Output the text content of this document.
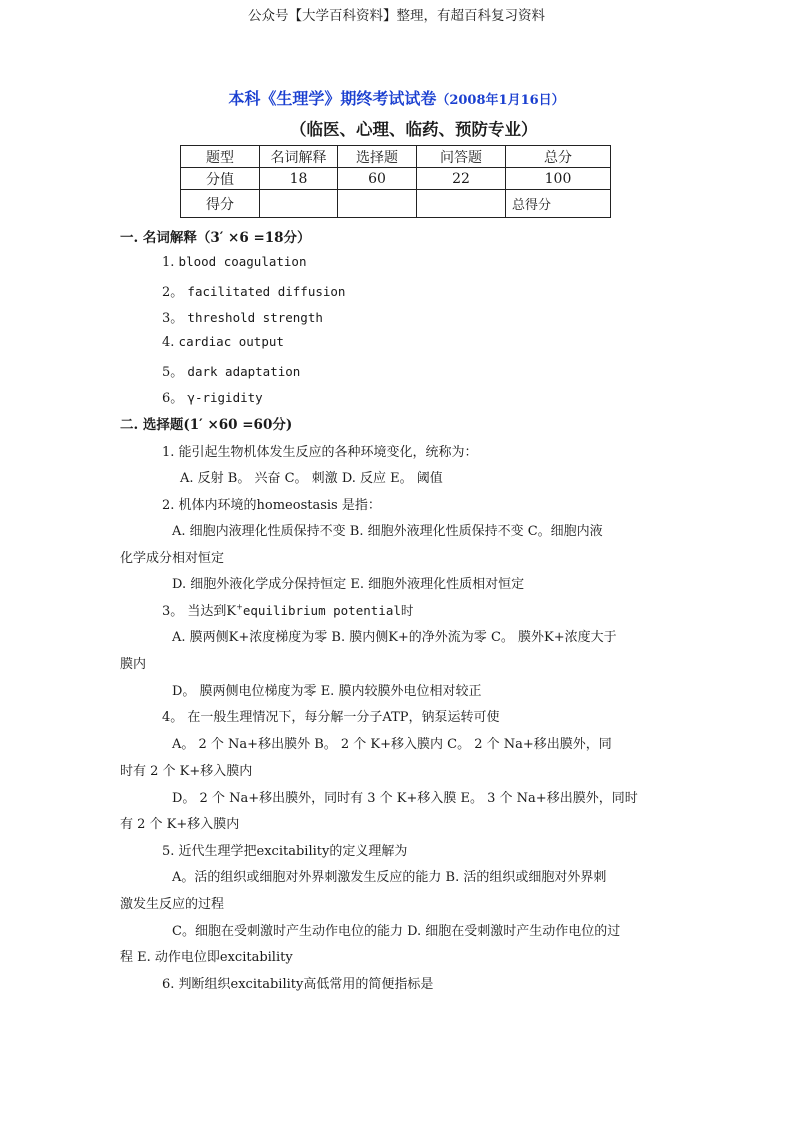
公众号【大学百科资料】整理，有超百科复习资料
本科《生理学》期终考试试卷（2008年1月16日）
（临医、心理、临药、预防专业）
题型	名词解释	选择题	问答题	总分
分值	18	60	22	100
得分				总得分
一. 名词解释（3′ ×6 =18分）
1. blood coagulation
2。 facilitated diffusion
3。 threshold strength
4. cardiac output
5。 dark adaptation
6。 γ-rigidity
二. 选择题(1′ ×60 =60分)
1. 能引起生物机体发生反应的各种环境变化，统称为：
A. 反射 B。 兴奋 C。 刺激 D. 反应 E。 阈值
2. 机体内环境的homeostasis 是指：
A. 细胞内液理化性质保持不变 B. 细胞外液理化性质保持不变 C。细胞内液
化学成分相对恒定
D. 细胞外液化学成分保持恒定 E. 细胞外液理化性质相对恒定
3。 当达到K+equilibrium potential时
A. 膜两侧K+浓度梯度为零 B. 膜内侧K+的净外流为零 C。 膜外K+浓度大于
膜内
D。 膜两侧电位梯度为零 E. 膜内较膜外电位相对较正
4。 在一般生理情况下，每分解一分子ATP，钠泵运转可使
A。 2 个 Na+移出膜外 B。 2 个 K+移入膜内 C。 2 个 Na+移出膜外，同
时有 2 个 K+移入膜内
D。 2 个 Na+移出膜外，同时有 3 个 K+移入膜 E。 3 个 Na+移出膜外，同时
有 2 个 K+移入膜内
5. 近代生理学把excitability的定义理解为
A。活的组织或细胞对外界刺激发生反应的能力 B. 活的组织或细胞对外界刺
激发生反应的过程
C。细胞在受刺激时产生动作电位的能力 D. 细胞在受刺激时产生动作电位的过
程 E. 动作电位即excitability
6. 判断组织excitability高低常用的简便指标是
